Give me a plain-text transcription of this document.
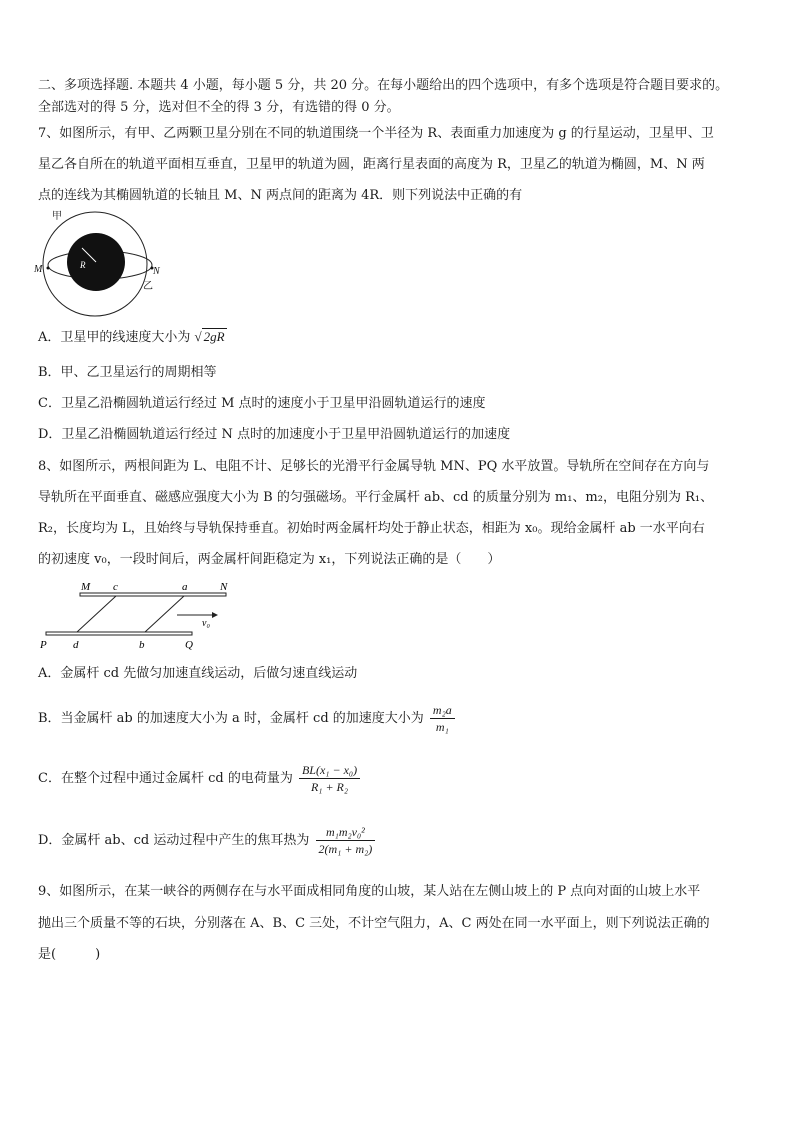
二、多项选择题. 本题共 4 小题，每小题 5 分，共 20 分。在每小题给出的四个选项中，有多个选项是符合题目要求的。
全部选对的得 5 分，选对但不全的得 3 分，有选错的得 0 分。
7、如图所示，有甲、乙两颗卫星分别在不同的轨道围绕一个半径为 R、表面重力加速度为 g 的行星运动，卫星甲、卫
星乙各自所在的轨道平面相互垂直，卫星甲的轨道为圆，距离行星表面的高度为 R，卫星乙的轨道为椭圆，M、N 两
点的连线为其椭圆轨道的长轴且 M、N 两点间的距离为 4R．则下列说法中正确的有
R
甲
M	N
乙
A．卫星甲的线速度大小为 √ 2gR
B．甲、乙卫星运行的周期相等
C．卫星乙沿椭圆轨道运行经过 M 点时的速度小于卫星甲沿圆轨道运行的速度
D．卫星乙沿椭圆轨道运行经过 N 点时的加速度小于卫星甲沿圆轨道运行的加速度
8、如图所示，两根间距为 L、电阻不计、足够长的光滑平行金属导轨 MN、PQ 水平放置。导轨所在空间存在方向与
导轨所在平面垂直、磁感应强度大小为 B 的匀强磁场。平行金属杆 ab、cd 的质量分别为 m₁、m₂，电阻分别为 R₁、
R₂，长度均为 L，且始终与导轨保持垂直。初始时两金属杆均处于静止状态，相距为 x₀。现给金属杆 ab 一水平向右
的初速度 v₀，一段时间后，两金属杆间距稳定为 x₁，下列说法正确的是（　　）
M c	a	N
P d	b	Q
v₀
A．金属杆 cd 先做匀加速直线运动，后做匀速直线运动
B．当金属杆 ab 的加速度大小为 a 时，金属杆 cd 的加速度大小为 $\frac{\text{m₂a}}{\text{m₁}}$
C．在整个过程中通过金属杆 cd 的电荷量为 $\frac{\text{BL(x₁ − x₀)}}{\text{R₁ + R₂}}$
D．金属杆 ab、cd 运动过程中产生的焦耳热为 $\frac{\text{m₁m₂v₀²}}{\text{2(m₁ + m₂)}}$
9、如图所示，在某一峡谷的两侧存在与水平面成相同角度的山坡，某人站在左侧山坡上的 P 点向对面的山坡上水平
抛出三个质量不等的石块，分别落在 A、B、C 三处，不计空气阻力，A、C 两处在同一水平面上，则下列说法正确的
是(　　　)
